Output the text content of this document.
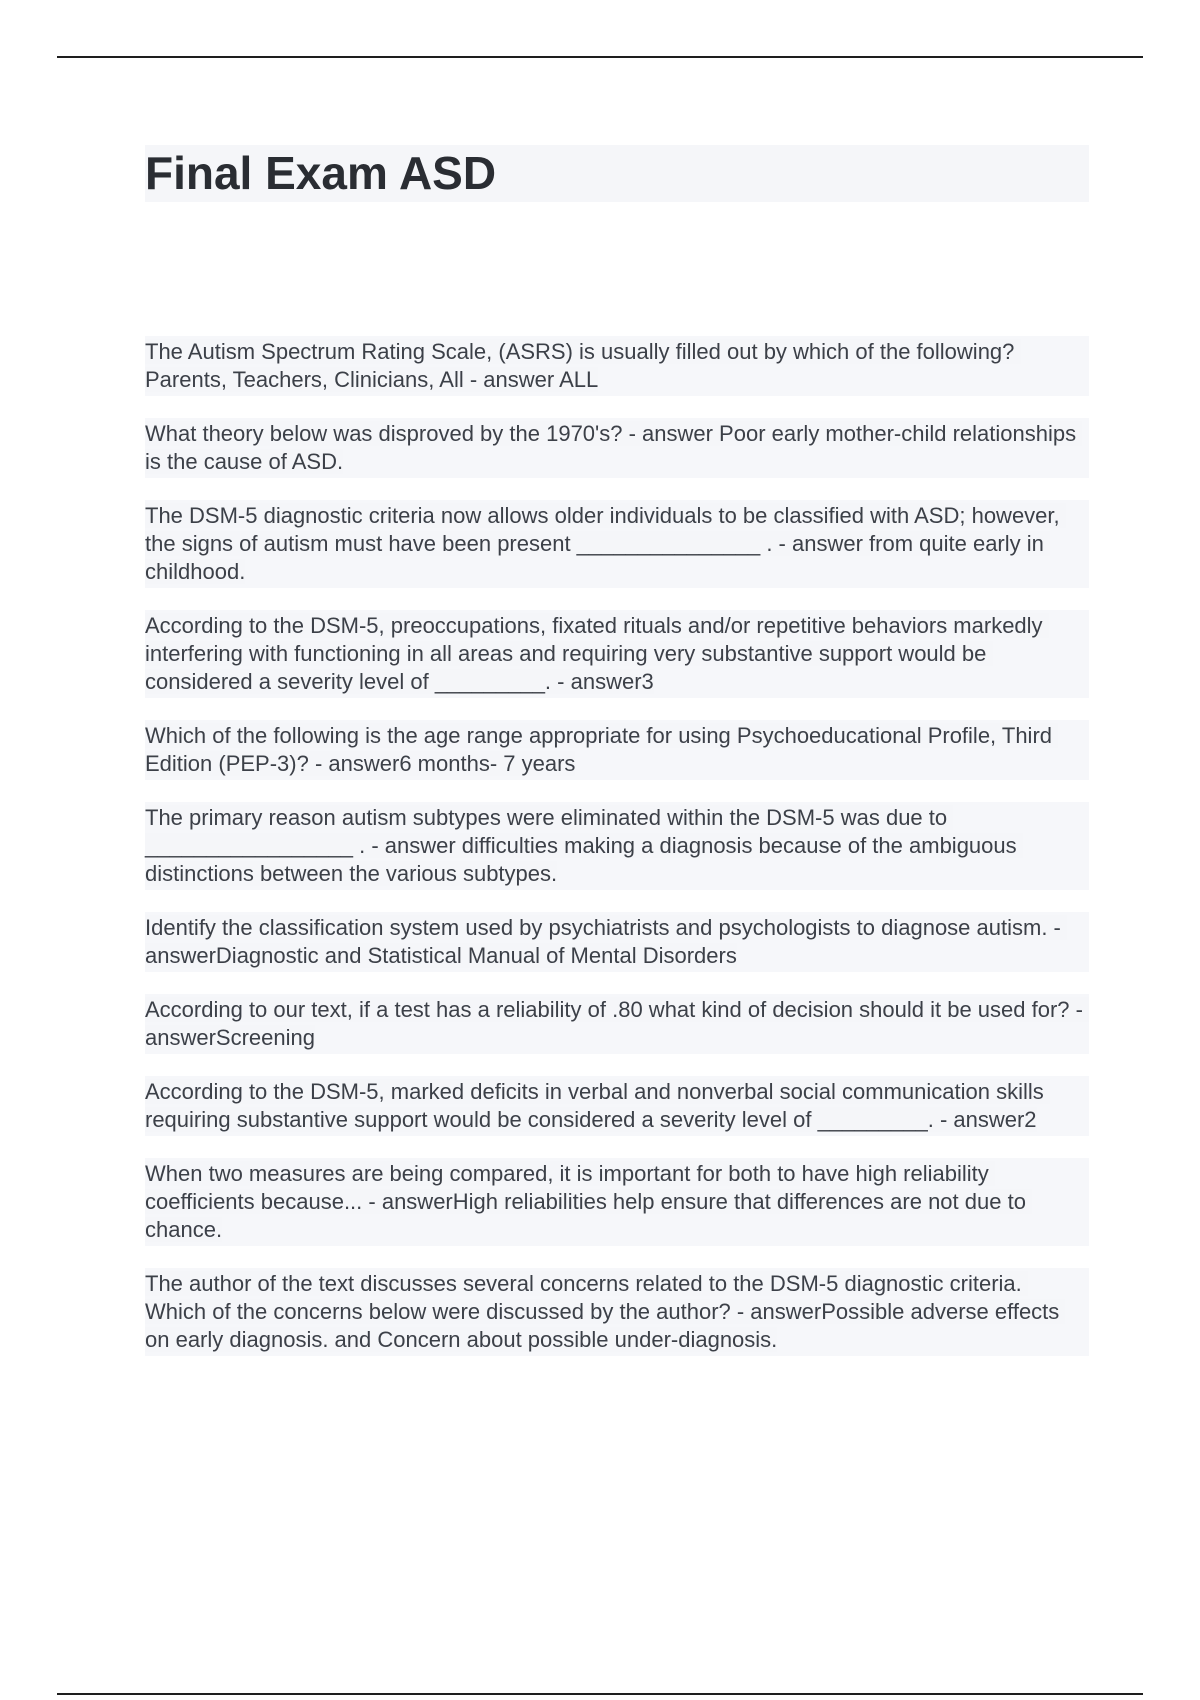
Final Exam ASD

The Autism Spectrum Rating Scale, (ASRS) is usually filled out by which of the following? Parents, Teachers, Clinicians, All - answer ALL

What theory below was disproved by the 1970's? - answer Poor early mother-child relationships is the cause of ASD.

The DSM-5 diagnostic criteria now allows older individuals to be classified with ASD; however, the signs of autism must have been present _______________ . - answer from quite early in childhood.

According to the DSM-5, preoccupations, fixated rituals and/or repetitive behaviors markedly interfering with functioning in all areas and requiring very substantive support would be considered a severity level of _________. - answer3

Which of the following is the age range appropriate for using Psychoeducational Profile, Third Edition (PEP-3)? - answer6 months- 7 years

The primary reason autism subtypes were eliminated within the DSM-5 was due to _________________ . - answer difficulties making a diagnosis because of the ambiguous distinctions between the various subtypes.

Identify the classification system used by psychiatrists and psychologists to diagnose autism. - answerDiagnostic and Statistical Manual of Mental Disorders

According to our text, if a test has a reliability of .80 what kind of decision should it be used for? - answerScreening

According to the DSM-5, marked deficits in verbal and nonverbal social communication skills requiring substantive support would be considered a severity level of _________. - answer2

When two measures are being compared, it is important for both to have high reliability coefficients because... - answerHigh reliabilities help ensure that differences are not due to chance.

The author of the text discusses several concerns related to the DSM-5 diagnostic criteria. Which of the concerns below were discussed by the author? - answerPossible adverse effects on early diagnosis. and Concern about possible under-diagnosis.
